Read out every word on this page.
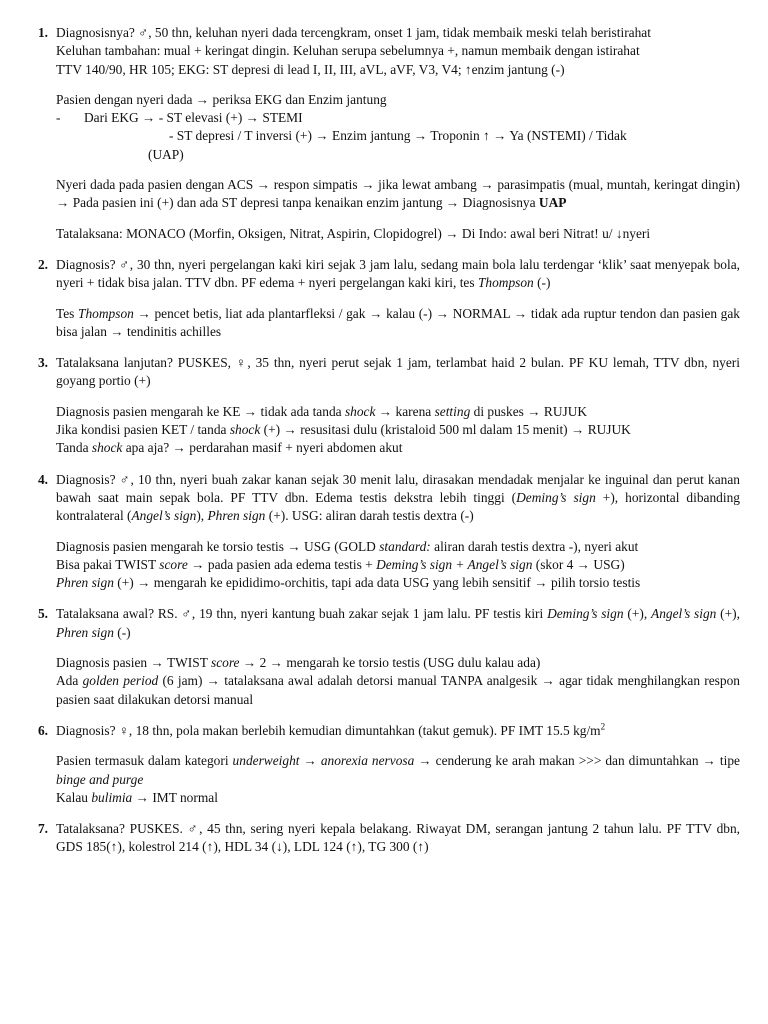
1. Diagnosisnya? ♂, 50 thn, keluhan nyeri dada tercengkram, onset 1 jam, tidak membaik meski telah beristirahat

Keluhan tambahan: mual + keringat dingin. Keluhan serupa sebelumnya +, namun membaik dengan istirahat

TTV 140/90, HR 105; EKG: ST depresi di lead I, II, III, aVL, aVF, V3, V4; ↑enzim jantung (-)

Pasien dengan nyeri dada → periksa EKG dan Enzim jantung

-	Dari EKG → - ST elevasi (+) → STEMI

- ST depresi / T inversi (+) → Enzim jantung → Troponin ↑ → Ya (NSTEMI) / Tidak

(UAP)

Nyeri dada pada pasien dengan ACS → respon simpatis → jika lewat ambang → parasimpatis (mual, muntah, keringat dingin) → Pada pasien ini (+) dan ada ST depresi tanpa kenaikan enzim jantung → Diagnosisnya UAP

Tatalaksana: MONACO (Morfin, Oksigen, Nitrat, Aspirin, Clopidogrel) → Di Indo: awal beri Nitrat! u/ ↓nyeri

2. Diagnosis? ♂, 30 thn, nyeri pergelangan kaki kiri sejak 3 jam lalu, sedang main bola lalu terdengar ‘klik’ saat menyepak bola, nyeri + tidak bisa jalan. TTV dbn. PF edema + nyeri pergelangan kaki kiri, tes Thompson (-)

Tes Thompson → pencet betis, liat ada plantarfleksi / gak → kalau (-) → NORMAL → tidak ada ruptur tendon dan pasien gak bisa jalan → tendinitis achilles

3. Tatalaksana lanjutan? PUSKES, ♀, 35 thn, nyeri perut sejak 1 jam, terlambat haid 2 bulan. PF KU lemah, TTV dbn, nyeri goyang portio (+)

Diagnosis pasien mengarah ke KE → tidak ada tanda shock → karena setting di puskes → RUJUK

Jika kondisi pasien KET / tanda shock (+) → resusitasi dulu (kristaloid 500 ml dalam 15 menit) → RUJUK

Tanda shock apa aja? → perdarahan masif + nyeri abdomen akut

4. Diagnosis? ♂, 10 thn, nyeri buah zakar kanan sejak 30 menit lalu, dirasakan mendadak menjalar ke inguinal dan perut kanan bawah saat main sepak bola. PF TTV dbn. Edema testis dekstra lebih tinggi (Deming’s sign +), horizontal dibanding kontralateral (Angel’s sign), Phren sign (+). USG: aliran darah testis dextra (-)

Diagnosis pasien mengarah ke torsio testis → USG (GOLD standard: aliran darah testis dextra -), nyeri akut

Bisa pakai TWIST score → pada pasien ada edema testis + Deming’s sign + Angel’s sign (skor 4 → USG)

Phren sign (+) → mengarah ke epididimo-orchitis, tapi ada data USG yang lebih sensitif → pilih torsio testis

5. Tatalaksana awal? RS. ♂, 19 thn, nyeri kantung buah zakar sejak 1 jam lalu. PF testis kiri Deming’s sign (+), Angel’s sign (+), Phren sign (-)

Diagnosis pasien → TWIST score → 2 → mengarah ke torsio testis (USG dulu kalau ada)

Ada golden period (6 jam) → tatalaksana awal adalah detorsi manual TANPA analgesik → agar tidak menghilangkan respon pasien saat dilakukan detorsi manual

6. Diagnosis? ♀, 18 thn, pola makan berlebih kemudian dimuntahkan (takut gemuk). PF IMT 15.5 $kg/m^2$

Pasien termasuk dalam kategori underweight → anorexia nervosa → cenderung ke arah makan >>> dan dimuntahkan → tipe binge and purge

Kalau bulimia → IMT normal

7. Tatalaksana? PUSKES. ♂, 45 thn, sering nyeri kepala belakang. Riwayat DM, serangan jantung 2 tahun lalu. PF TTV dbn, GDS 185(↑), kolestrol 214 (↑), HDL 34 (↓), LDL 124 (↑), TG 300 (↑)
